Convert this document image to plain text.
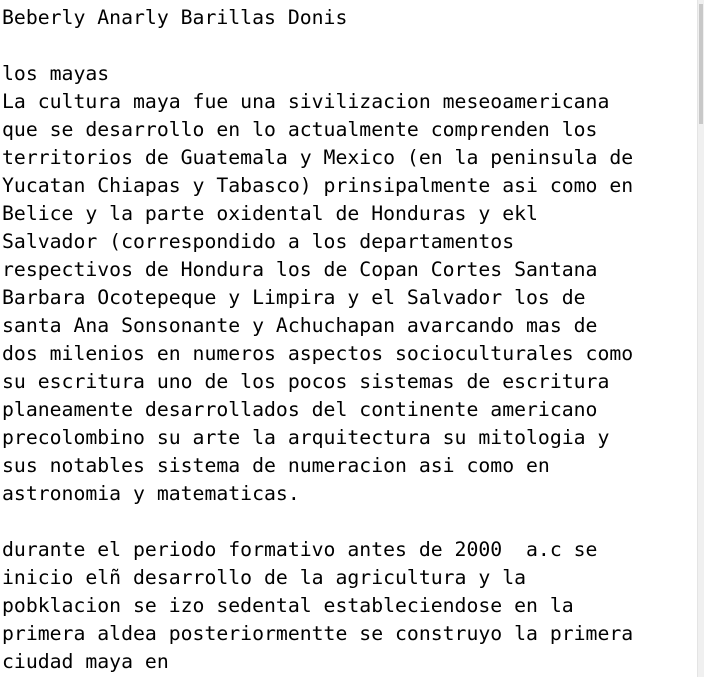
Beberly Anarly Barillas Donis
los mayas
La cultura maya fue una sivilizacion meseoamericana
que se desarrollo en lo actualmente comprenden los
territorios de Guatemala y Mexico (en la peninsula de
Yucatan Chiapas y Tabasco) prinsipalmente asi como en
Belice y la parte oxidental de Honduras y ekl
Salvador (correspondido a los departamentos
respectivos de Hondura los de Copan Cortes Santana
Barbara Ocotepeque y Limpira y el Salvador los de
santa Ana Sonsonante y Achuchapan avarcando mas de
dos milenios en numeros aspectos socioculturales como
su escritura uno de los pocos sistemas de escritura
planeamente desarrollados del continente americano
precolombino su arte la arquitectura su mitologia y
sus notables sistema de numeracion asi como en
astronomia y matematicas.
durante el periodo formativo antes de 2000  a.c se
inicio elñ desarrollo de la agricultura y la
pobklacion se izo sedental estableciendose en la
primera aldea posteriormentte se construyo la primera
ciudad maya en
